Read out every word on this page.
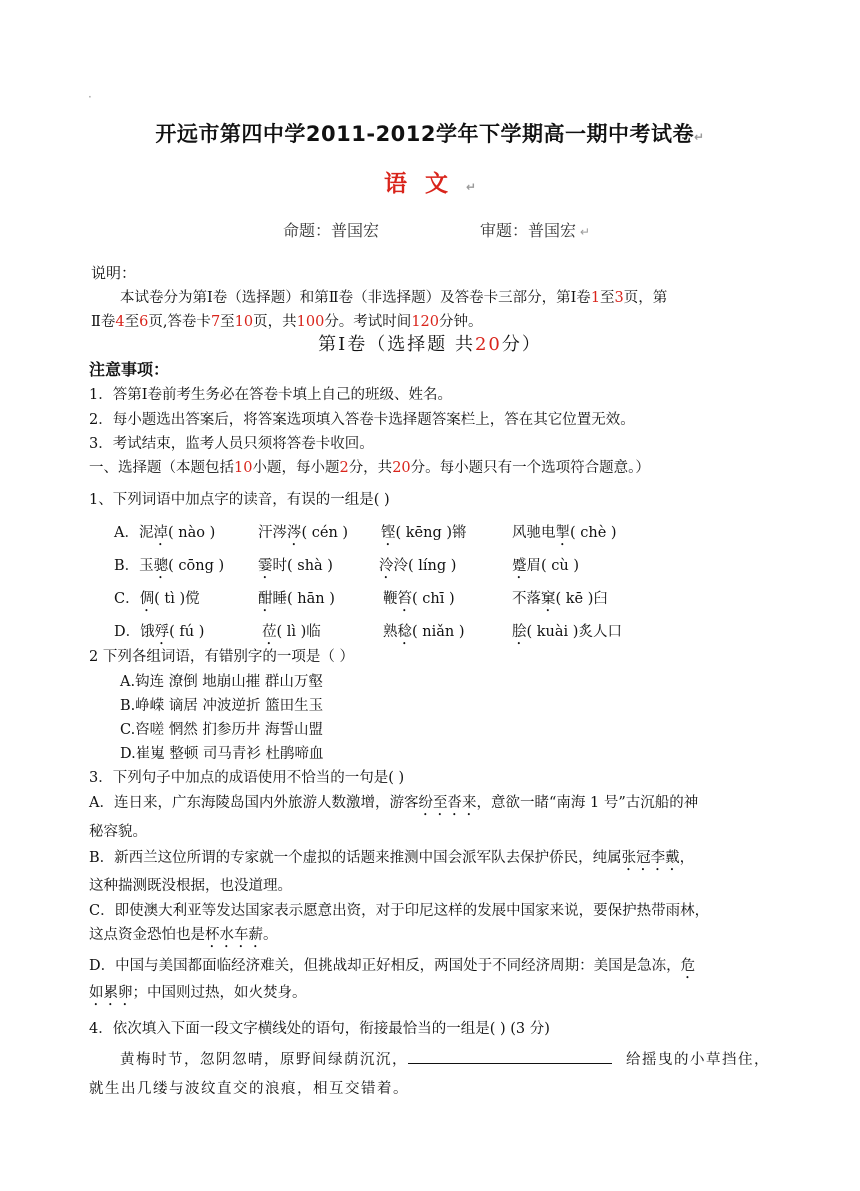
·
开远市第四中学2011-2012学年下学期高一期中考试卷↵
语文↵
命题：普国宏	审题：普国宏 ↵
说明：
本试卷分为第Ⅰ卷（选择题）和第Ⅱ卷（非选择题）及答卷卡三部分，第Ⅰ卷1至3页，第
Ⅱ卷4至6页,答卷卡7至10页，共100分。考试时间120分钟。
第Ⅰ卷（选择题 共20分）
注意事项：
1．答第Ⅰ卷前考生务必在答卷卡填上自己的班级、姓名。
2．每小题选出答案后，将答案选项填入答卷卡选择题答案栏上，答在其它位置无效。
3．考试结束，监考人员只须将答卷卡收回。
一、选择题（本题包括10小题，每小题2分，共20分。每小题只有一个选项符合题意。）
1、下列词语中加点字的读音，有误的一组是( )
A．泥淖( nào )	汗涔涔( cén ) 铿( kēng )锵	风驰电掣( chè )
B．玉骢( cōng ) 霎时( shà )	泠泠( líng )	蹙眉( cù )
C．倜( tì )傥	酣睡( hān )	鞭笞( chī )	不落窠( kē )臼
D．饿殍( fú )	莅( lì )临	熟稔( niǎn )	脍( kuài )炙人口
2 下列各组词语，有错别字的一项是（ ）
A.钩连 潦倒 地崩山摧 群山万壑
B.峥嵘 谪居 冲波逆折 篮田生玉
C.咨嗟 惘然 扪参历井 海誓山盟
D.崔嵬 整顿 司马青衫 杜鹃啼血
3．下列句子中加点的成语使用不恰当的一句是( )
A．连日来，广东海陵岛国内外旅游人数激增，游客纷至沓来，意欲一睹“南海 1 号”古沉船的神
秘容貌。
B．新西兰这位所谓的专家就一个虚拟的话题来推测中国会派军队去保护侨民，纯属张冠李戴，
这种揣测既没根据，也没道理。
C．即使澳大利亚等发达国家表示愿意出资，对于印尼这样的发展中国家来说，要保护热带雨林，
这点资金恐怕也是杯水车薪。
D．中国与美国都面临经济难关，但挑战却正好相反，两国处于不同经济周期：美国是急冻，危
如累卵；中国则过热，如火焚身。
4．依次填入下面一段文字横线处的语句，衔接最恰当的一组是( ) (3 分)
黄梅时节，忽阴忽晴，原野间绿荫沉沉，	给摇曳的小草挡住，
就生出几缕与波纹直交的浪痕，相互交错着。
